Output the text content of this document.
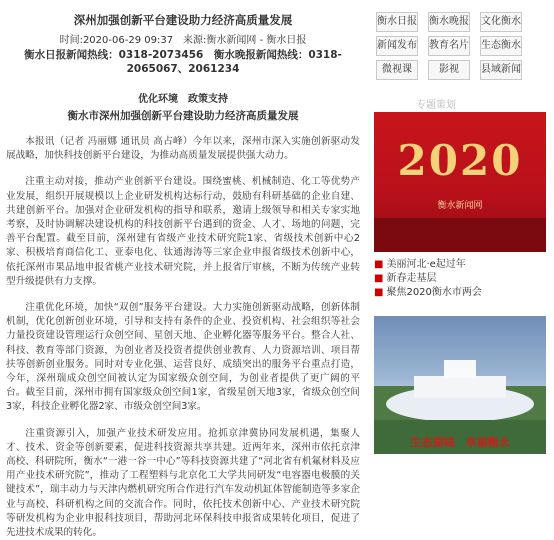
深州加强创新平台建设助力经济高质量发展
时间:2020-06-29 09:37　来源:衡水新闻网 - 衡水日报
衡水日报新闻热线：0318-2073456　衡水晚报新闻热线：0318-2065067、2061234
优化环境　政策支持
衡水市深州加强创新平台建设助力经济高质量发展

本报讯（记者 冯丽娜 通讯员 高占峰）今年以来，深州市深入实施创新驱动发展战略，加快科技创新平台建设，为推动高质量发展提供强大动力。

注重主动对接，推动产业创新平台建设。围绕蜜桃、机械制造、化工等优势产业发展，组织开展规模以上企业研发机构达标行动，鼓励有科研基础的企业自建、共建创新平台。加强对企业研发机构的指导和联系，邀请上级领导和相关专家实地考察，及时协调解决建设机构的科技创新平台遇到的资金、人才、场地的问题，完善平台配置。截至目前，深州建有省级产业技术研究院1家、省级技术创新中心2家、积极培育商信化工、亚泰电化、钛通海涛等三家企业申报省级技术创新中心，依托深州市果品地申报省桃产业技术研究院，并上报省厅审核，不断为传统产业转型升级提供有力支撑。

注重优化环境，加快“双创”服务平台建设。大力实施创新驱动战略，创新体制机制，优化创新创业环境，引导和支持有条件的企业、投资机构、社会组织等社会力量投资建设管理运行众创空间、星创天地、企业孵化器等服务平台。整合人社、科技、教育等部门资源，为创业者及投资者提供创业教育、人力资源培训、项目帮扶等创新创业服务。同时对专业化强、运营良好、成绩突出的服务平台重点打造，今年，深州瑞成众创空间被认定为国家级众创空间，为创业者提供了更广阔的平台。截至目前，深州市拥有国家级众创空间1家，省级星创天地3家，省级众创空间3家，科技企业孵化器2家、市级众创空间3家。

注重资源引入，加强产业技术研发应用。抢抓京津冀协同发展机遇，集聚人才、技术、资金等创新要素，促进科技资源共享共建。近两年来，深州市依托京津高校、科研院所，衡水“一港一谷一中心”等科技资源共建了“河北省有机氟材料及应用产业技术研究院”，推动了工程塑料与北京化工大学共同研发“电容器电极膜的关键技术”，瑞丰动力与天津内燃机研究所合作进行汽车发动机缸体智能制造等多家企业与高校、科研机构之间的交流合作。同时，依托技术创新中心、产业技术研究院等研发机构为企业申报科技项目，帮助河北环保科技申报省成果转化项目，促进了先进技术成果的转化。

衡水日报 衡水晚报 文化衡水
新闻发布 教育名片 生态衡水
微视课	影视	县域新闻
专题策划
2020
衡水新闻网
■ 美丽河北·e起过年
■ 新春走基层
■ 聚焦2020衡水市两会
生态湖城　幸福衡水
